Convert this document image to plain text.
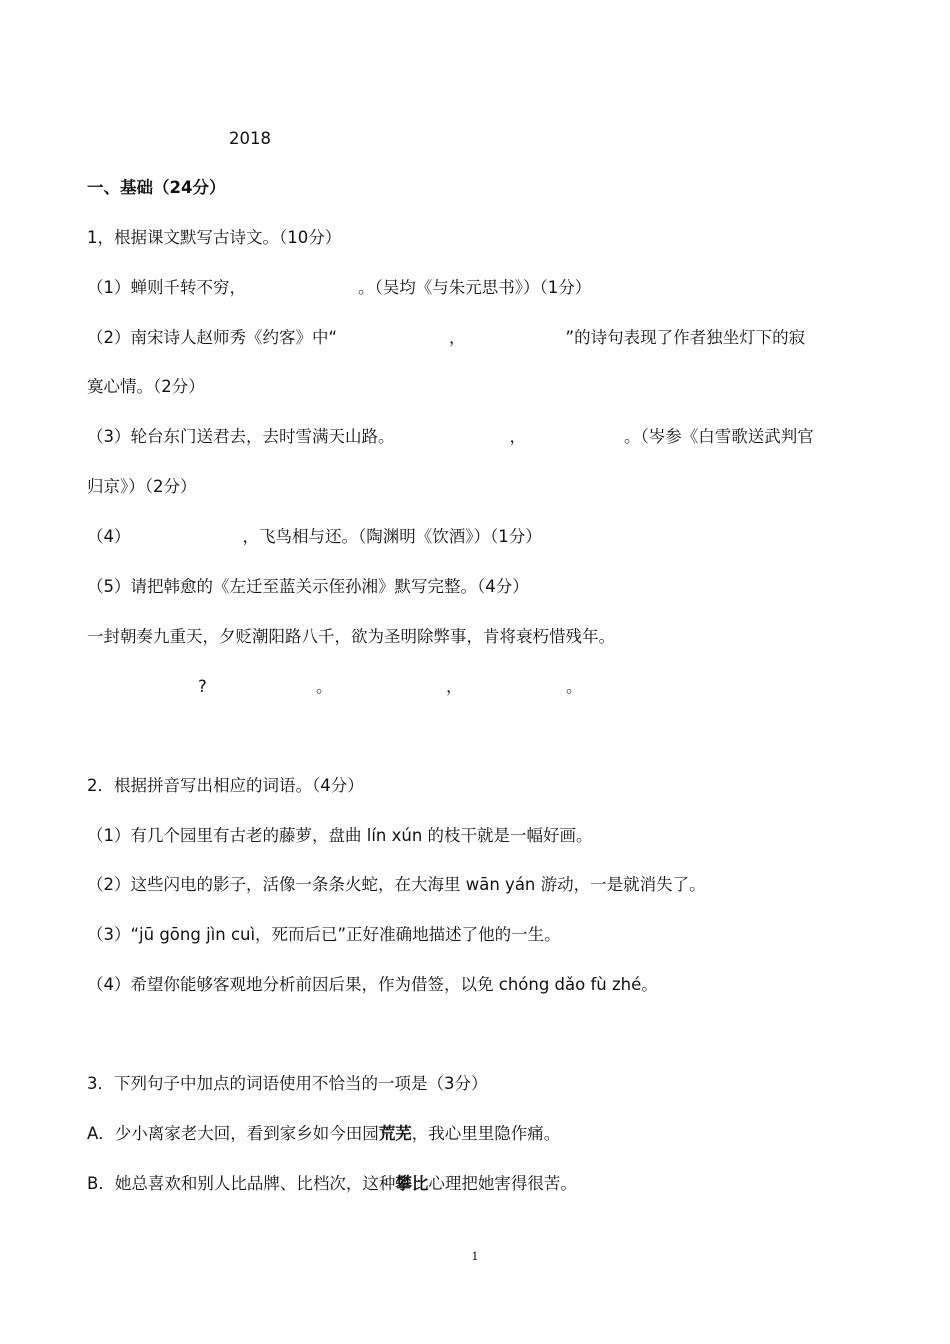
2018
一、基础（24分）
1，根据课文默写古诗文。（10分）
（1）蝉则千转不穷，	。（吴均《与朱元思书》）（1分）
（2）南宋诗人赵师秀《约客》中“	，	”的诗句表现了作者独坐灯下的寂
寞心情。（2分）
（3）轮台东门送君去，去时雪满天山路。	，	。（岑参《白雪歌送武判官
归京》）（2分）
（4）	，飞鸟相与还。（陶渊明《饮酒》）（1分）
（5）请把韩愈的《左迁至蓝关示侄孙湘》默写完整。（4分）
一封朝奏九重天，夕贬潮阳路八千，欲为圣明除弊事，肯将衰朽惜残年。
?	。	，	。
2．根据拼音写出相应的词语。（4分）
（1）有几个园里有古老的藤萝，盘曲 lín xún 的枝干就是一幅好画。
（2）这些闪电的影子，活像一条条火蛇，在大海里 wān yán 游动，一是就消失了。
（3）“jū gōng jìn cuì，死而后已”正好准确地描述了他的一生。
（4）希望你能够客观地分析前因后果，作为借签，以免 chóng dǎo fù zhé。
3．下列句子中加点的词语使用不恰当的一项是（3分）
A．少小离家老大回，看到家乡如今田园荒芜，我心里里隐作痛。
B．她总喜欢和别人比品牌、比档次，这种攀比心理把她害得很苦。
1
